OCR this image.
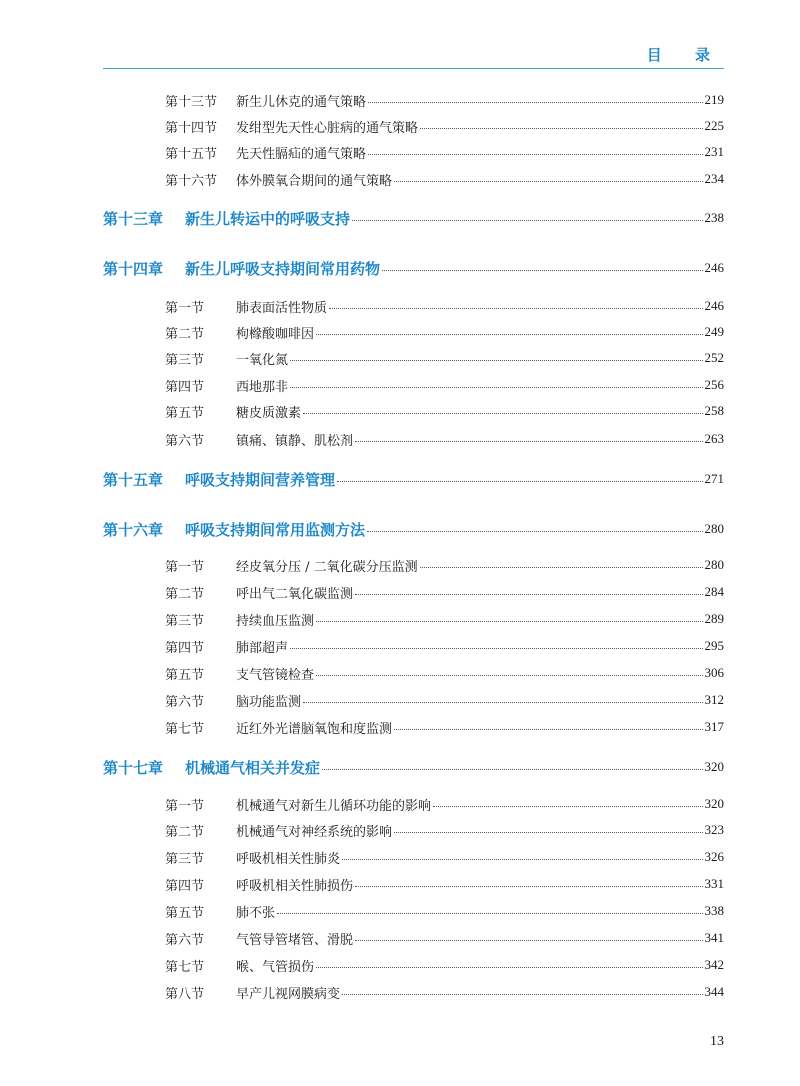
目 录
第十三节	新生儿休克的通气策略	219
第十四节	发绀型先天性心脏病的通气策略	225
第十五节	先天性膈疝的通气策略	231
第十六节	体外膜氧合期间的通气策略	234
第十三章	新生儿转运中的呼吸支持	238
第十四章	新生儿呼吸支持期间常用药物	246
第一节	肺表面活性物质	246
第二节	枸橼酸咖啡因	249
第三节	一氧化氮	252
第四节	西地那非	256
第五节	糖皮质激素	258
第六节	镇痛、镇静、肌松剂	263
第十五章	呼吸支持期间营养管理	271
第十六章	呼吸支持期间常用监测方法	280
第一节	经皮氧分压 / 二氧化碳分压监测	280
第二节	呼出气二氧化碳监测	284
第三节	持续血压监测	289
第四节	肺部超声	295
第五节	支气管镜检查	306
第六节	脑功能监测	312
第七节	近红外光谱脑氧饱和度监测	317
第十七章	机械通气相关并发症	320
第一节	机械通气对新生儿循环功能的影响	320
第二节	机械通气对神经系统的影响	323
第三节	呼吸机相关性肺炎	326
第四节	呼吸机相关性肺损伤	331
第五节	肺不张	338
第六节	气管导管堵管、滑脱	341
第七节	喉、气管损伤	342
第八节	早产儿视网膜病变	344
13
